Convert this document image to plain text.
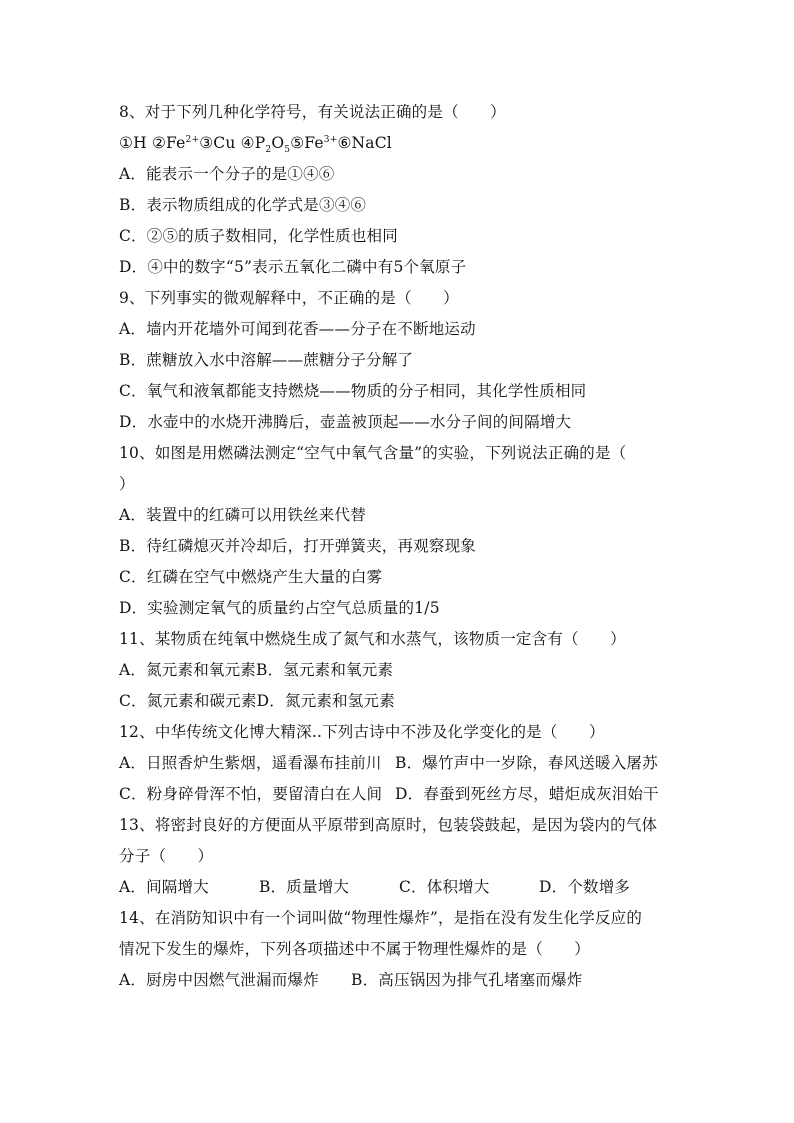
8、对于下列几种化学符号，有关说法正确的是（　　）
①H $②Fe^{2+}③Cu$ $④P_2O_5⑤Fe^{3+}⑥NaCl$
A．能表示一个分子的是①④⑥
B．表示物质组成的化学式是③④⑥
C．②⑤的质子数相同，化学性质也相同
D．④中的数字“5”表示五氧化二磷中有5个氧原子
9、下列事实的微观解释中，不正确的是（　　）
A．墙内开花墙外可闻到花香——分子在不断地运动
B．蔗糖放入水中溶解——蔗糖分子分解了
C．氧气和液氧都能支持燃烧——物质的分子相同，其化学性质相同
D．水壶中的水烧开沸腾后，壶盖被顶起——水分子间的间隔增大
10、如图是用燃磷法测定“空气中氧气含量”的实验，下列说法正确的是（
）
A．装置中的红磷可以用铁丝来代替
B．待红磷熄灭并冷却后，打开弹簧夹，再观察现象
C．红磷在空气中燃烧产生大量的白雾
D．实验测定氧气的质量约占空气总质量的1/5
11、某物质在纯氧中燃烧生成了氮气和水蒸气，该物质一定含有（　　）
A．氮元素和氧元素B．氢元素和氧元素
C．氮元素和碳元素D．氮元素和氢元素
12、中华传统文化博大精深..下列古诗中不涉及化学变化的是（　　）
A．日照香炉生紫烟，遥看瀑布挂前川 B．爆竹声中一岁除，春风送暖入屠苏
C．粉身碎骨浑不怕，要留清白在人间 D．春蚕到死丝方尽，蜡炬成灰泪始干
13、将密封良好的方便面从平原带到高原时，包装袋鼓起，是因为袋内的气体
分子（　　）
A．间隔增大	B．质量增大	C．体积增大	D．个数增多
14、在消防知识中有一个词叫做“物理性爆炸”，是指在没有发生化学反应的
情况下发生的爆炸，下列各项描述中不属于物理性爆炸的是（　　）
A．厨房中因燃气泄漏而爆炸 B．高压锅因为排气孔堵塞而爆炸
